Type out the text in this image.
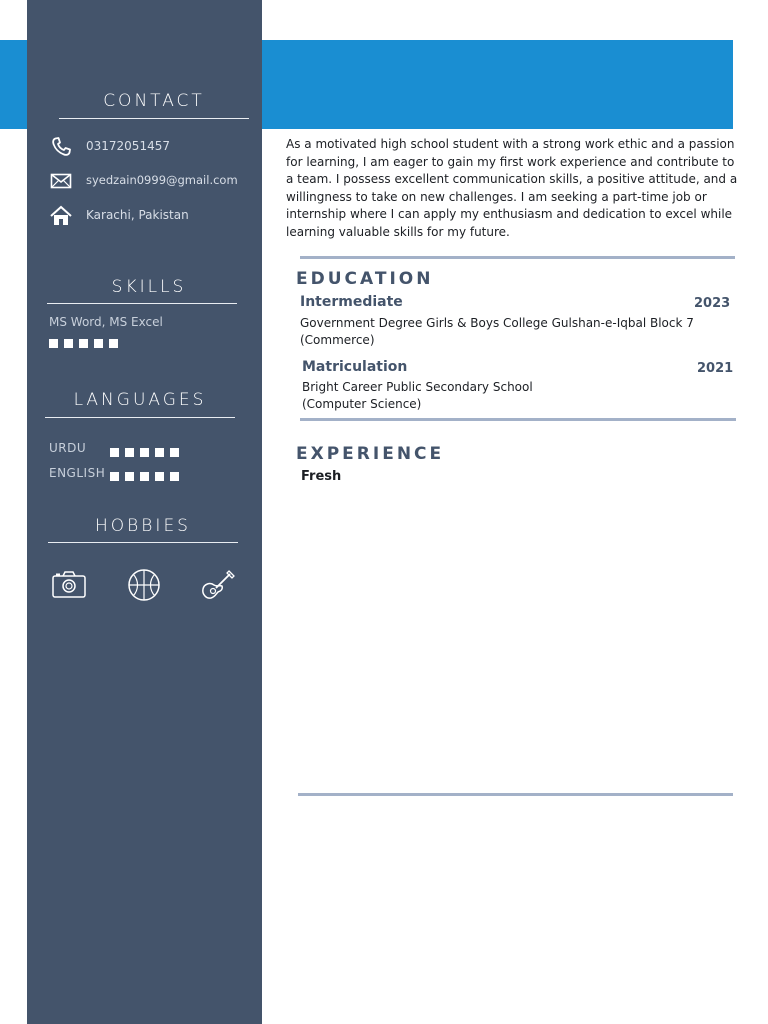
CONTACT
03172051457
syedzain0999@gmail.com
Karachi, Pakistan
SKILLS
MS Word, MS Excel
LANGUAGES
URDU
ENGLISH
HOBBIES
As a motivated high school student with a strong work ethic and a passion for learning, I am eager to gain my first work experience and contribute to a team. I possess excellent communication skills, a positive attitude, and a willingness to take on new challenges. I am seeking a part-time job or internship where I can apply my enthusiasm and dedication to excel while learning valuable skills for my future.
EDUCATION
Intermediate	2023
Government Degree Girls & Boys College Gulshan-e-Iqbal Block 7
(Commerce)
Matriculation	2021
Bright Career Public Secondary School
(Computer Science)
EXPERIENCE
Fresh
